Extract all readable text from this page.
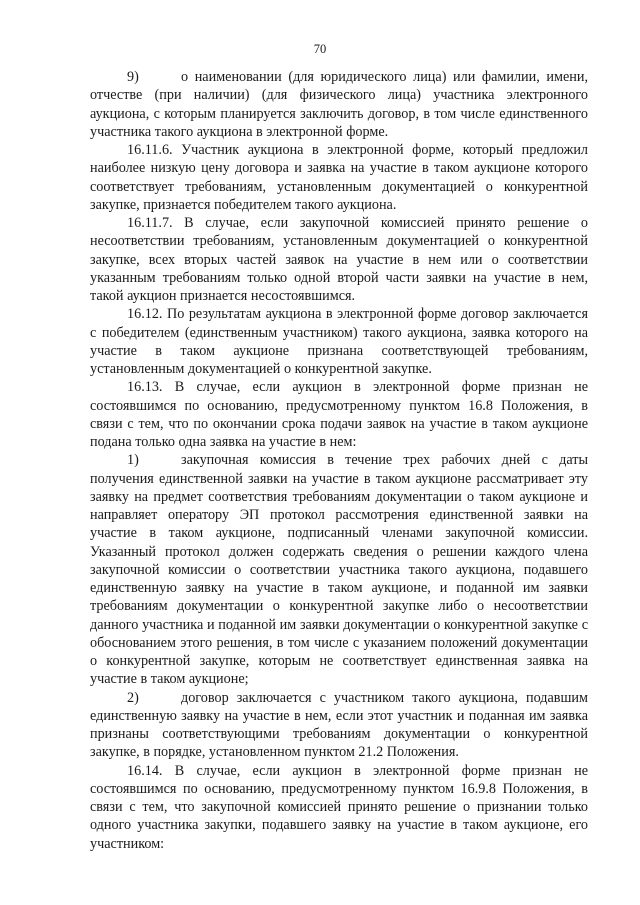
70

9)	о наименовании (для юридического лица) или фамилии, имени, отчестве (при наличии) (для физического лица) участника электронного аукциона, с которым планируется заключить договор, в том числе единственного участника такого аукциона в электронной форме.

16.11.6. Участник аукциона в электронной форме, который предложил наиболее низкую цену договора и заявка на участие в таком аукционе которого соответствует требованиям, установленным документацией о конкурентной закупке, признается победителем такого аукциона.

16.11.7. В случае, если закупочной комиссией принято решение о несоответствии требованиям, установленным документацией о конкурентной закупке, всех вторых частей заявок на участие в нем или о соответствии указанным требованиям только одной второй части заявки на участие в нем, такой аукцион признается несостоявшимся.

16.12. По результатам аукциона в электронной форме договор заключается с победителем (единственным участником) такого аукциона, заявка которого на участие в таком аукционе признана соответствующей требованиям, установленным документацией о конкурентной закупке.

16.13. В случае, если аукцион в электронной форме признан не состоявшимся по основанию, предусмотренному пунктом 16.8 Положения, в связи с тем, что по окончании срока подачи заявок на участие в таком аукционе подана только одна заявка на участие в нем:

1)	закупочная комиссия в течение трех рабочих дней с даты получения единственной заявки на участие в таком аукционе рассматривает эту заявку на предмет соответствия требованиям документации о таком аукционе и направляет оператору ЭП протокол рассмотрения единственной заявки на участие в таком аукционе, подписанный членами закупочной комиссии. Указанный протокол должен содержать сведения о решении каждого члена закупочной комиссии о соответствии участника такого аукциона, подавшего единственную заявку на участие в таком аукционе, и поданной им заявки требованиям документации о конкурентной закупке либо о несоответствии данного участника и поданной им заявки документации о конкурентной закупке с обоснованием этого решения, в том числе с указанием положений документации о конкурентной закупке, которым не соответствует единственная заявка на участие в таком аукционе;

2)	договор заключается с участником такого аукциона, подавшим единственную заявку на участие в нем, если этот участник и поданная им заявка признаны соответствующими требованиям документации о конкурентной закупке, в порядке, установленном пунктом 21.2 Положения.

16.14. В случае, если аукцион в электронной форме признан не состоявшимся по основанию, предусмотренному пунктом 16.9.8 Положения, в связи с тем, что закупочной комиссией принято решение о признании только одного участника закупки, подавшего заявку на участие в таком аукционе, его участником:
